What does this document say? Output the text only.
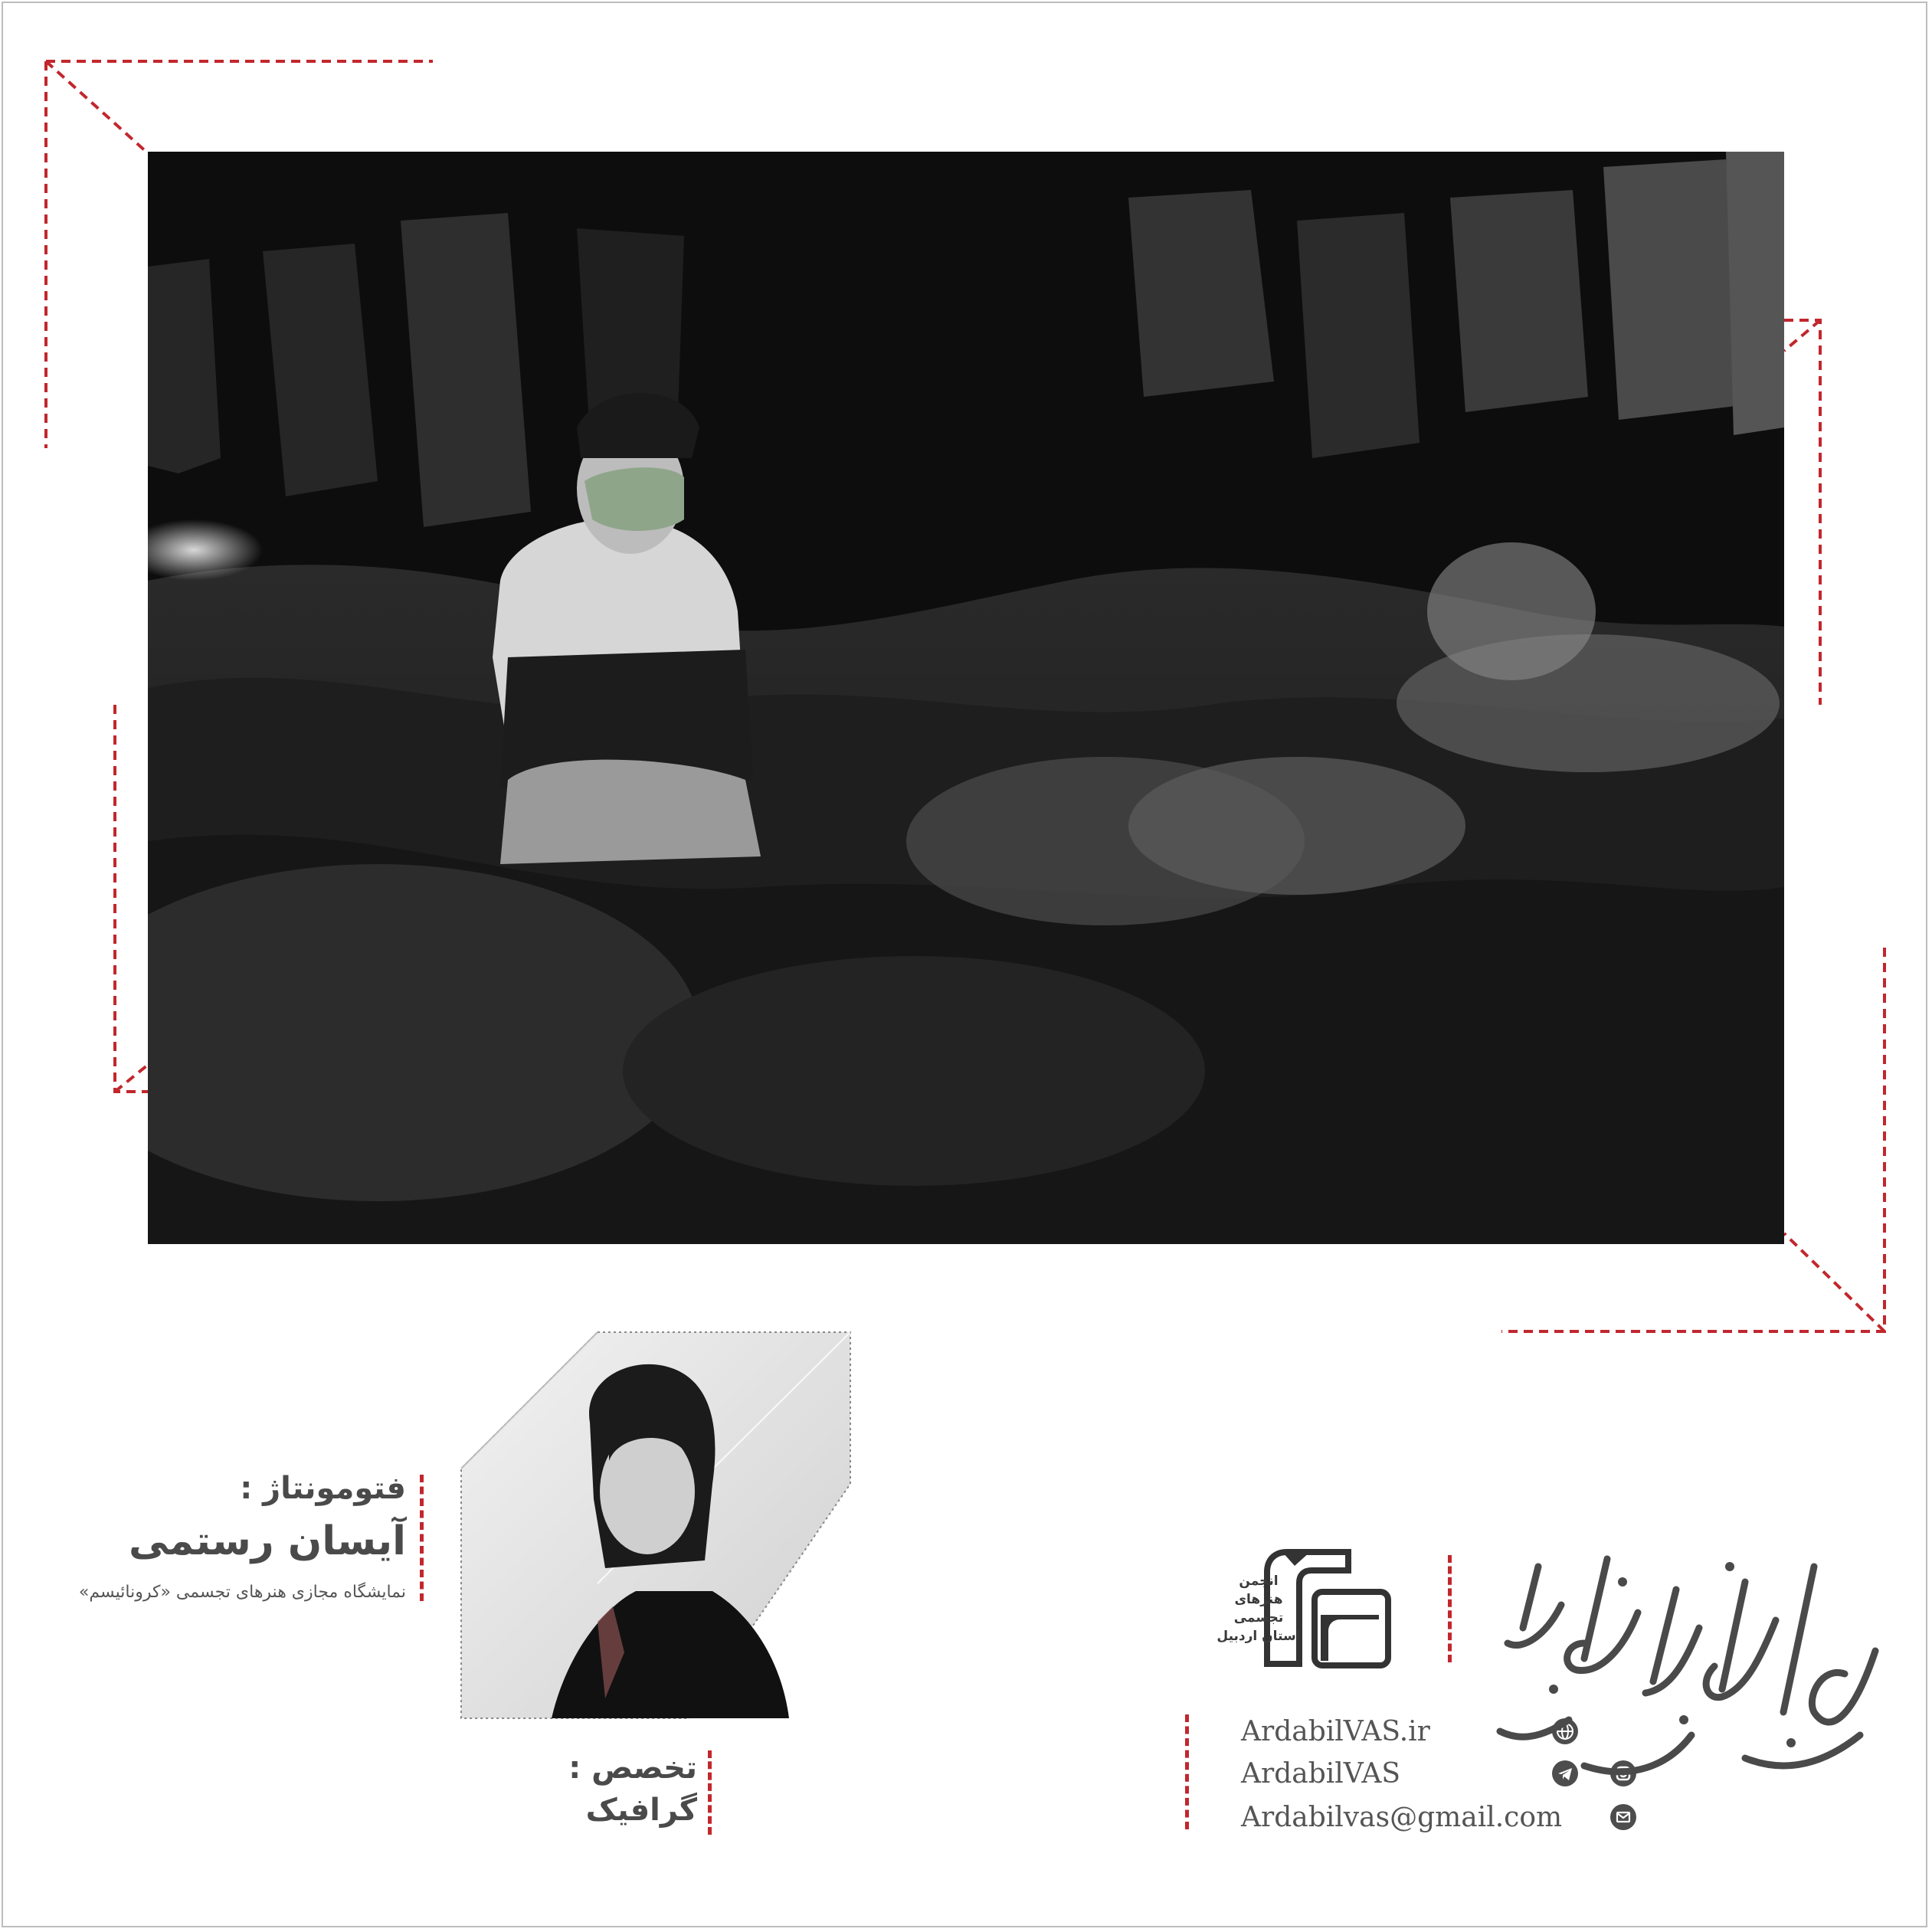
فتومونتاژ :
آیسان رستمی
نمایشگاه مجازی هنرهای تجسمی «کرونائیسم»
تخصص :
گرافیک
انجمن
هنرهای
تجسمی
استان اردبیل
ArdabilVAS.ir
ArdabilVAS
Ardabilvas@gmail.com
